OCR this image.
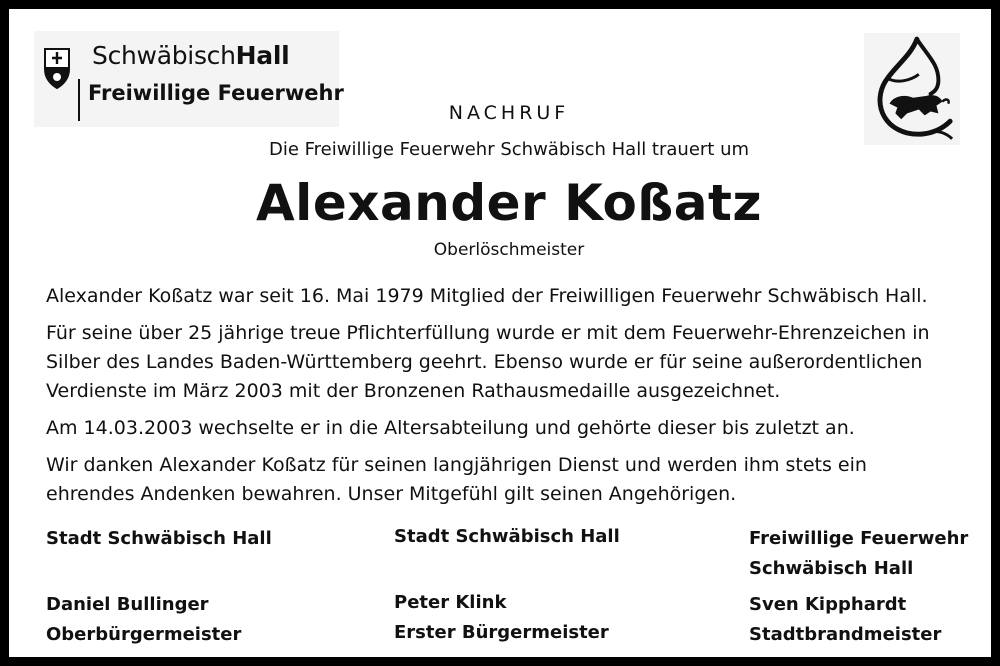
SchwäbischHall
Freiwillige Feuerwehr
NACHRUF
Die Freiwillige Feuerwehr Schwäbisch Hall trauert um
Alexander Koßatz
Oberlöschmeister

Alexander Koßatz war seit 16. Mai 1979 Mitglied der Freiwilligen Feuerwehr Schwäbisch Hall.

Für seine über 25 jährige treue Pflichterfüllung wurde er mit dem Feuerwehr-Ehrenzeichen in
Silber des Landes Baden-Württemberg geehrt. Ebenso wurde er für seine außerordentlichen
Verdienste im März 2003 mit der Bronzenen Rathausmedaille ausgezeichnet.

Am 14.03.2003 wechselte er in die Altersabteilung und gehörte dieser bis zuletzt an.

Wir danken Alexander Koßatz für seinen langjährigen Dienst und werden ihm stets ein
ehrendes Andenken bewahren. Unser Mitgefühl gilt seinen Angehörigen.

Stadt Schwäbisch Hall
Daniel Bullinger
Oberbürgermeister
Stadt Schwäbisch Hall
Peter Klink
Erster Bürgermeister
Freiwillige Feuerwehr
Schwäbisch Hall
Sven Kipphardt
Stadtbrandmeister
